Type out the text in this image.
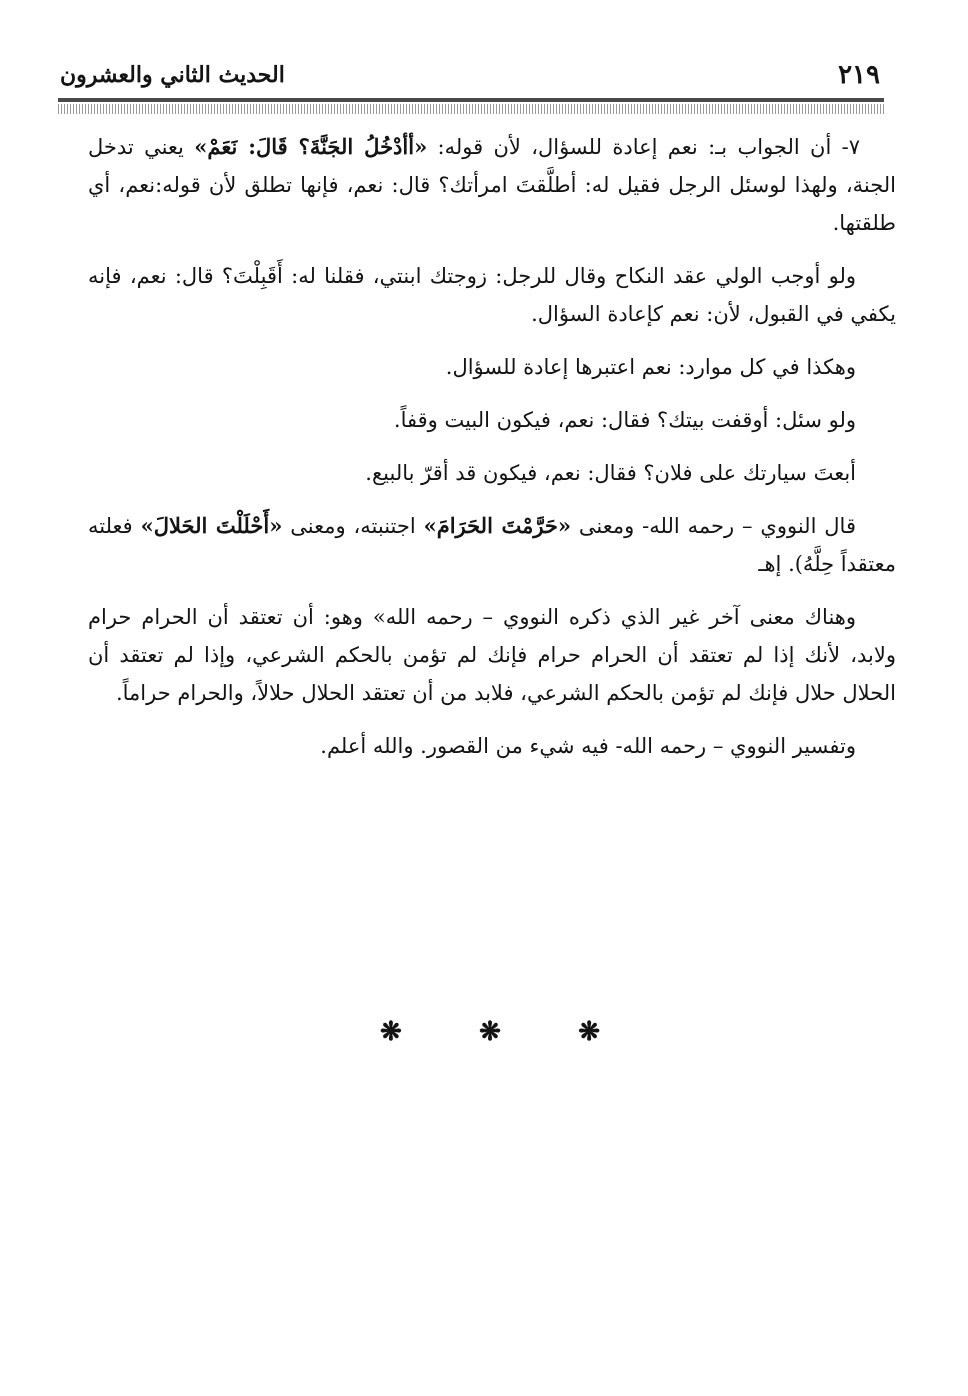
٢١٩
الحديث الثاني والعشرون

٧- أن الجواب بـ: نعم إعادة للسؤال، لأن قوله: «أأدْخُلُ الجَنَّةَ؟ قَالَ: نَعَمْ» يعني تدخل الجنة، ولهذا لوسئل الرجل فقيل له: أطلَّقتَ امرأتك؟ قال: نعم، فإنها تطلق لأن قوله:نعم، أي طلقتها.

ولو أوجب الولي عقد النكاح وقال للرجل: زوجتك ابنتي، فقلنا له: أَقَبِلْتَ؟ قال: نعم، فإنه يكفي في القبول، لأن: نعم كإعادة السؤال.

وهكذا في كل موارد: نعم اعتبرها إعادة للسؤال.

ولو سئل: أوقفت بيتك؟ فقال: نعم، فيكون البيت وقفاً.

أبعتَ سيارتك على فلان؟ فقال: نعم، فيكون قد أقرّ بالبيع.

قال النووي – رحمه الله- ومعنى «حَرَّمْتَ الحَرَامَ» اجتنبته، ومعنى «أَحْلَلْتَ الحَلالَ» فعلته معتقداً حِلَّهُ). إهـ

وهناك معنى آخر غير الذي ذكره النووي – رحمه الله» وهو: أن تعتقد أن الحرام حرام ولابد، لأنك إذا لم تعتقد أن الحرام حرام فإنك لم تؤمن بالحكم الشرعي، وإذا لم تعتقد أن الحلال حلال فإنك لم تؤمن بالحكم الشرعي، فلابد من أن تعتقد الحلال حلالاً، والحرام حراماً.

وتفسير النووي – رحمه الله- فيه شيء من القصور. والله أعلم.

❋
❋
❋
